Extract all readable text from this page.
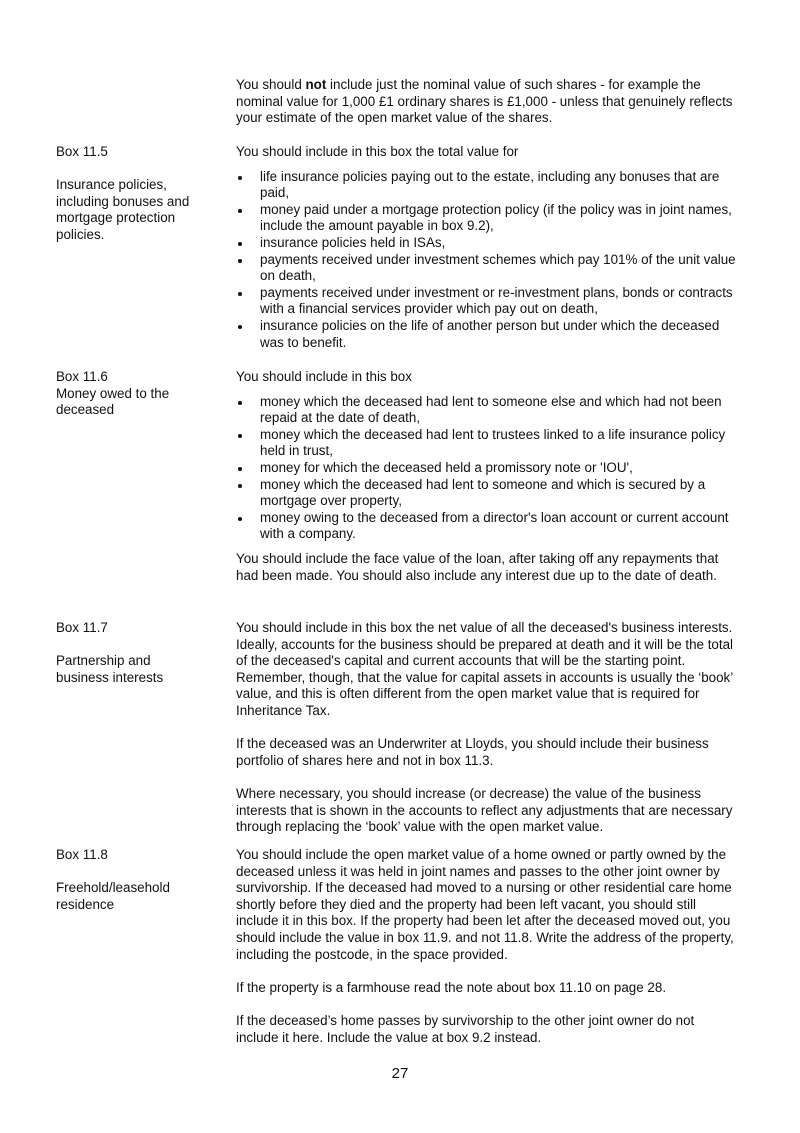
You should not include just the nominal value of such shares - for example the nominal value for 1,000 £1 ordinary shares is £1,000 - unless that genuinely reflects your estimate of the open market value of the shares.

Box 11.5

Insurance policies, including bonuses and mortgage protection policies.

You should include in this box the total value for

life insurance policies paying out to the estate, including any bonuses that are paid,
money paid under a mortgage protection policy (if the policy was in joint names, include the amount payable in box 9.2),
insurance policies held in ISAs,
payments received under investment schemes which pay 101% of the unit value on death,
payments received under investment or re-investment plans, bonds or contracts with a financial services provider which pay out on death,
insurance policies on the life of another person but under which the deceased was to benefit.

Box 11.6

Money owed to the deceased

You should include in this box

money which the deceased had lent to someone else and which had not been repaid at the date of death,
money which the deceased had lent to trustees linked to a life insurance policy held in trust,
money for which the deceased held a promissory note or 'IOU',
money which the deceased had lent to someone and which is secured by a mortgage over property,
money owing to the deceased from a director's loan account or current account with a company.

You should include the face value of the loan, after taking off any repayments that had been made. You should also include any interest due up to the date of death.

Box 11.7

Partnership and business interests

You should include in this box the net value of all the deceased's business interests. Ideally, accounts for the business should be prepared at death and it will be the total of the deceased's capital and current accounts that will be the starting point. Remember, though, that the value for capital assets in accounts is usually the ‘book’ value, and this is often different from the open market value that is required for Inheritance Tax.

If the deceased was an Underwriter at Lloyds, you should include their business portfolio of shares here and not in box 11.3.

Where necessary, you should increase (or decrease) the value of the business interests that is shown in the accounts to reflect any adjustments that are necessary through replacing the ‘book’ value with the open market value.

Box 11.8

Freehold/leasehold residence

You should include the open market value of a home owned or partly owned by the deceased unless it was held in joint names and passes to the other joint owner by survivorship. If the deceased had moved to a nursing or other residential care home shortly before they died and the property had been left vacant, you should still include it in this box. If the property had been let after the deceased moved out, you should include the value in box 11.9. and not 11.8. Write the address of the property, including the postcode, in the space provided.

If the property is a farmhouse read the note about box 11.10 on page 28.

If the deceased’s home passes by survivorship to the other joint owner do not include it here. Include the value at box 9.2 instead.

27
